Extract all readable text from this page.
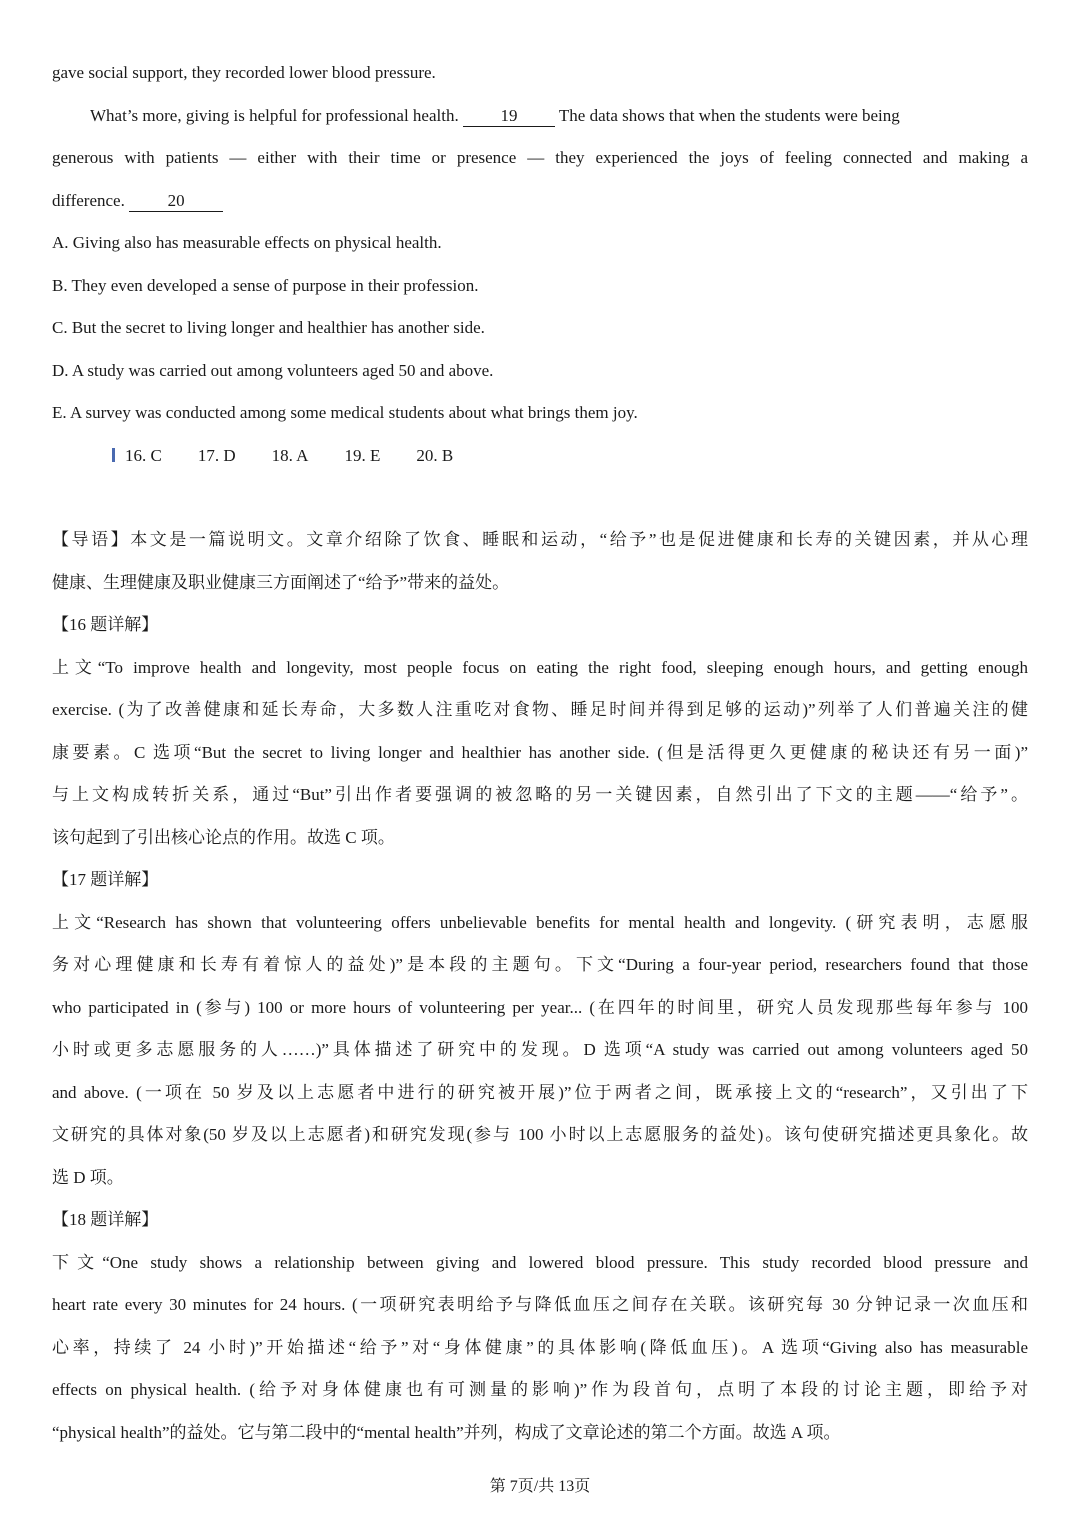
gave social support, they recorded lower blood pressure.
What’s more, giving is helpful for professional health. 19 The data shows that when the students were being
generous with patients — either with their time or presence — they experienced the joys of feeling connected and making a
difference. 20
A. Giving also has measurable effects on physical health.
B. They even developed a sense of purpose in their profession.
C. But the secret to living longer and healthier has another side.
D. A study was carried out among volunteers aged 50 and above.
E. A survey was conducted among some medical students about what brings them joy.
16. C 17. D 18. A 19. E 20. B
【导语】本文是一篇说明文。文章介绍除了饮食、睡眠和运动，“给予”也是促进健康和长寿的关键因素，并从心理
健康、生理健康及职业健康三方面阐述了“给予”带来的益处。
【16 题详解】
上文“To improve health and longevity, most people focus on eating the right food, sleeping enough hours, and getting enough
exercise. (为了改善健康和延长寿命，大多数人注重吃对食物、睡足时间并得到足够的运动)”列举了人们普遍关注的健
康要素。C 选项“But the secret to living longer and healthier has another side. (但是活得更久更健康的秘诀还有另一面)”
与上文构成转折关系，通过“But”引出作者要强调的被忽略的另一关键因素，自然引出了下文的主题——“给予”。
该句起到了引出核心论点的作用。故选 C 项。
【17 题详解】
上文“Research has shown that volunteering offers unbelievable benefits for mental health and longevity. (研究表明，志愿服
务对心理健康和长寿有着惊人的益处)”是本段的主题句。下文“During a four-year period, researchers found that those
who participated in (参与) 100 or more hours of volunteering per year... (在四年的时间里，研究人员发现那些每年参与 100
小时或更多志愿服务的人……)”具体描述了研究中的发现。D 选项“A study was carried out among volunteers aged 50
and above. (一项在 50 岁及以上志愿者中进行的研究被开展)”位于两者之间，既承接上文的“research”，又引出了下
文研究的具体对象(50 岁及以上志愿者)和研究发现(参与 100 小时以上志愿服务的益处)。该句使研究描述更具象化。故
选 D 项。
【18 题详解】
下文“One study shows a relationship between giving and lowered blood pressure. This study recorded blood pressure and
heart rate every 30 minutes for 24 hours. (一项研究表明给予与降低血压之间存在关联。该研究每 30 分钟记录一次血压和
心率，持续了 24 小时)”开始描述“给予”对“身体健康”的具体影响(降低血压)。A 选项“Giving also has measurable
effects on physical health. (给予对身体健康也有可测量的影响)”作为段首句，点明了本段的讨论主题，即给予对
“physical health”的益处。它与第二段中的“mental health”并列，构成了文章论述的第二个方面。故选 A 项。
第 7页/共 13页
